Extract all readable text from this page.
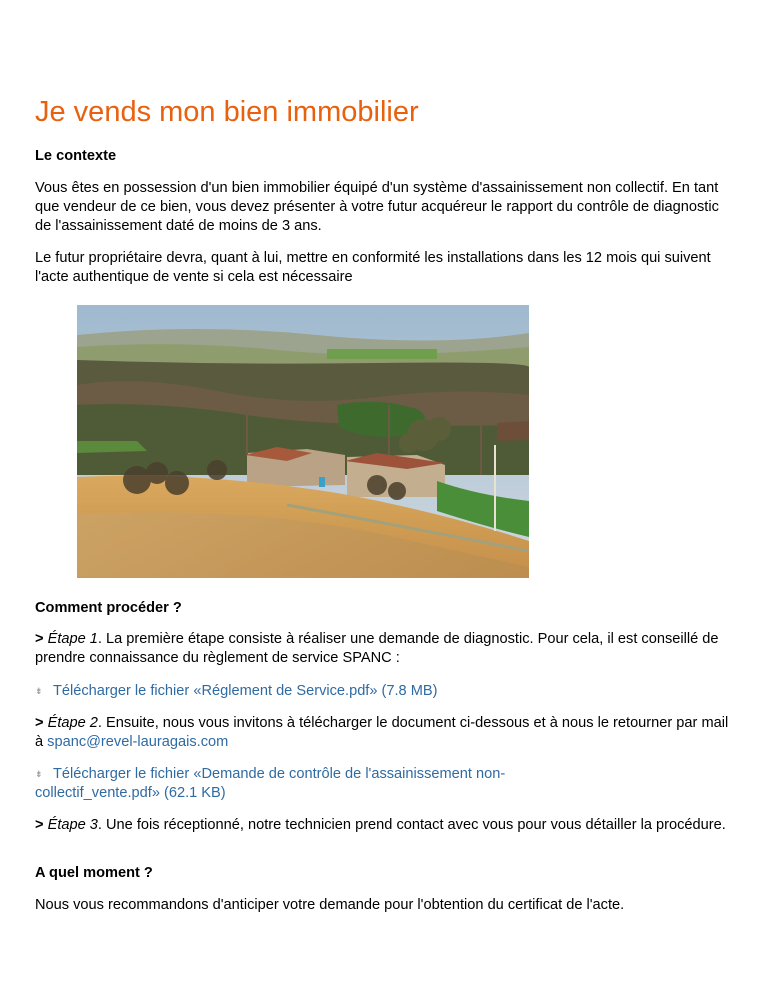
Je vends mon bien immobilier

Le contexte

Vous êtes en possession d'un bien immobilier équipé d'un système d'assainissement non collectif. En tant que vendeur de ce bien, vous devez présenter à votre futur acquéreur le rapport du contrôle de diagnostic de l'assainissement daté de moins de 3 ans.

Le futur propriétaire devra, quant à lui, mettre en conformité les installations dans les 12 mois qui suivent l'acte authentique de vente si cela est nécessaire

Comment procéder ?

> Étape 1. La première étape consiste à réaliser une demande de diagnostic. Pour cela, il est conseillé de prendre connaissance du règlement de service SPANC :

⇟ Télécharger le fichier «Réglement de Service.pdf» (7.8 MB)

> Étape 2. Ensuite, nous vous invitons à télécharger le document ci-dessous et à nous le retourner par mail à spanc@revel-lauragais.com

⇟ Télécharger le fichier «Demande de contrôle de l'assainissement non-
collectif_vente.pdf» (62.1 KB)

> Étape 3. Une fois réceptionné, notre technicien prend contact avec vous pour vous détailler la procédure.

A quel moment ?

Nous vous recommandons d'anticiper votre demande pour l'obtention du certificat de l'acte.
